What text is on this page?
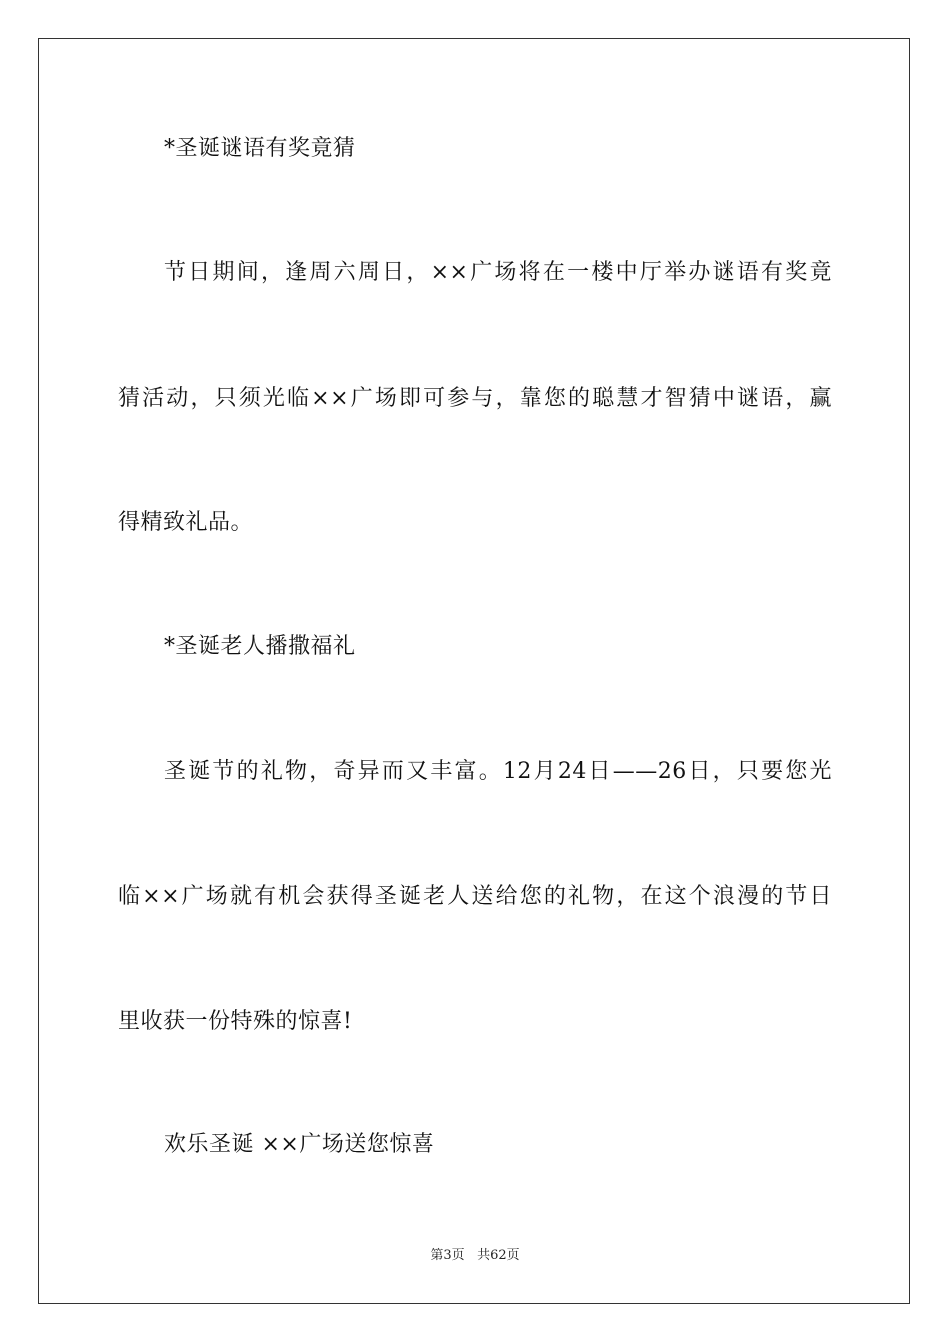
*圣诞谜语有奖竟猜
节日期间，逢周六周日，××广场将在一楼中厅举办谜语有奖竟
猜活动，只须光临××广场即可参与，靠您的聪慧才智猜中谜语，赢
得精致礼品。
*圣诞老人播撒福礼
圣诞节的礼物，奇异而又丰富。12月24日——26日，只要您光
临××广场就有机会获得圣诞老人送给您的礼物，在这个浪漫的节日
里收获一份特殊的惊喜!
欢乐圣诞 ××广场送您惊喜
第3页 共62页
